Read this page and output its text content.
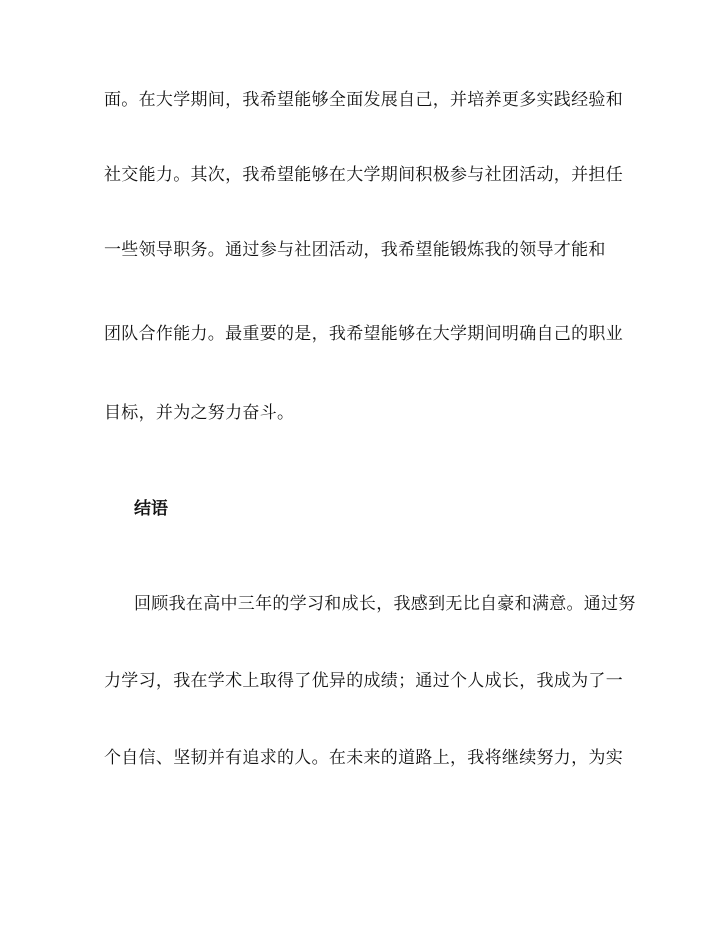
面。在大学期间，我希望能够全面发展自己，并培养更多实践经验和
社交能力。其次，我希望能够在大学期间积极参与社团活动，并担任
一些领导职务。通过参与社团活动，我希望能锻炼我的领导才能和
团队合作能力。最重要的是，我希望能够在大学期间明确自己的职业
目标，并为之努力奋斗。
结语
回顾我在高中三年的学习和成长，我感到无比自豪和满意。通过努
力学习，我在学术上取得了优异的成绩；通过个人成长，我成为了一
个自信、坚韧并有追求的人。在未来的道路上，我将继续努力，为实
